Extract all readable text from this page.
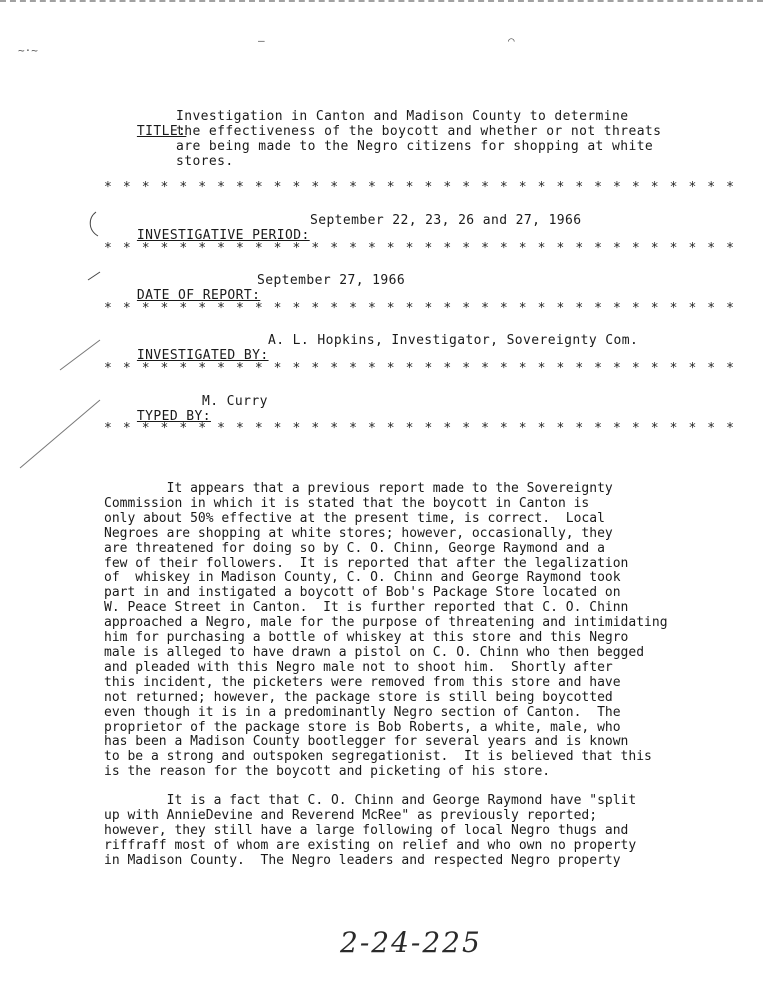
~·~
—	⌒

TITLE:

Investigation in Canton and Madison County to determine
the effectiveness of the boycott and whether or not threats
are being made to the Negro citizens for shopping at white
stores.
* * * * * * * * * * * * * * * * * * * * * * * * * * * * * * * * * *

INVESTIGATIVE PERIOD:

September 22, 23, 26 and 27, 1966
* * * * * * * * * * * * * * * * * * * * * * * * * * * * * * * * * *

DATE OF REPORT:

September 27, 1966
* * * * * * * * * * * * * * * * * * * * * * * * * * * * * * * * * *

INVESTIGATED BY:

A. L. Hopkins, Investigator, Sovereignty Com.
* * * * * * * * * * * * * * * * * * * * * * * * * * * * * * * * * *

TYPED BY:

M. Curry
* * * * * * * * * * * * * * * * * * * * * * * * * * * * * * * * * *

It appears that a previous report made to the Sovereignty

Commission in which it is stated that the boycott in Canton is

only about 50% effective at the present time, is correct.  Local

Negroes are shopping at white stores; however, occasionally, they

are threatened for doing so by C. O. Chinn, George Raymond and a

few of their followers.  It is reported that after the legalization

of  whiskey in Madison County, C. O. Chinn and George Raymond took

part in and instigated a boycott of Bob's Package Store located on

W. Peace Street in Canton.  It is further reported that C. O. Chinn

approached a Negro, male for the purpose of threatening and intimidating

him for purchasing a bottle of whiskey at this store and this Negro

male is alleged to have drawn a pistol on C. O. Chinn who then begged

and pleaded with this Negro male not to shoot him.  Shortly after

this incident, the picketers were removed from this store and have

not returned; however, the package store is still being boycotted

even though it is in a predominantly Negro section of Canton.  The

proprietor of the package store is Bob Roberts, a white, male, who

has been a Madison County bootlegger for several years and is known

to be a strong and outspoken segregationist.  It is believed that this

is the reason for the boycott and picketing of his store.

It is a fact that C. O. Chinn and George Raymond have "split

up with AnnieDevine and Reverend McRee" as previously reported;

however, they still have a large following of local Negro thugs and

riffraff most of whom are existing on relief and who own no property

in Madison County.  The Negro leaders and respected Negro property

2-24-225
